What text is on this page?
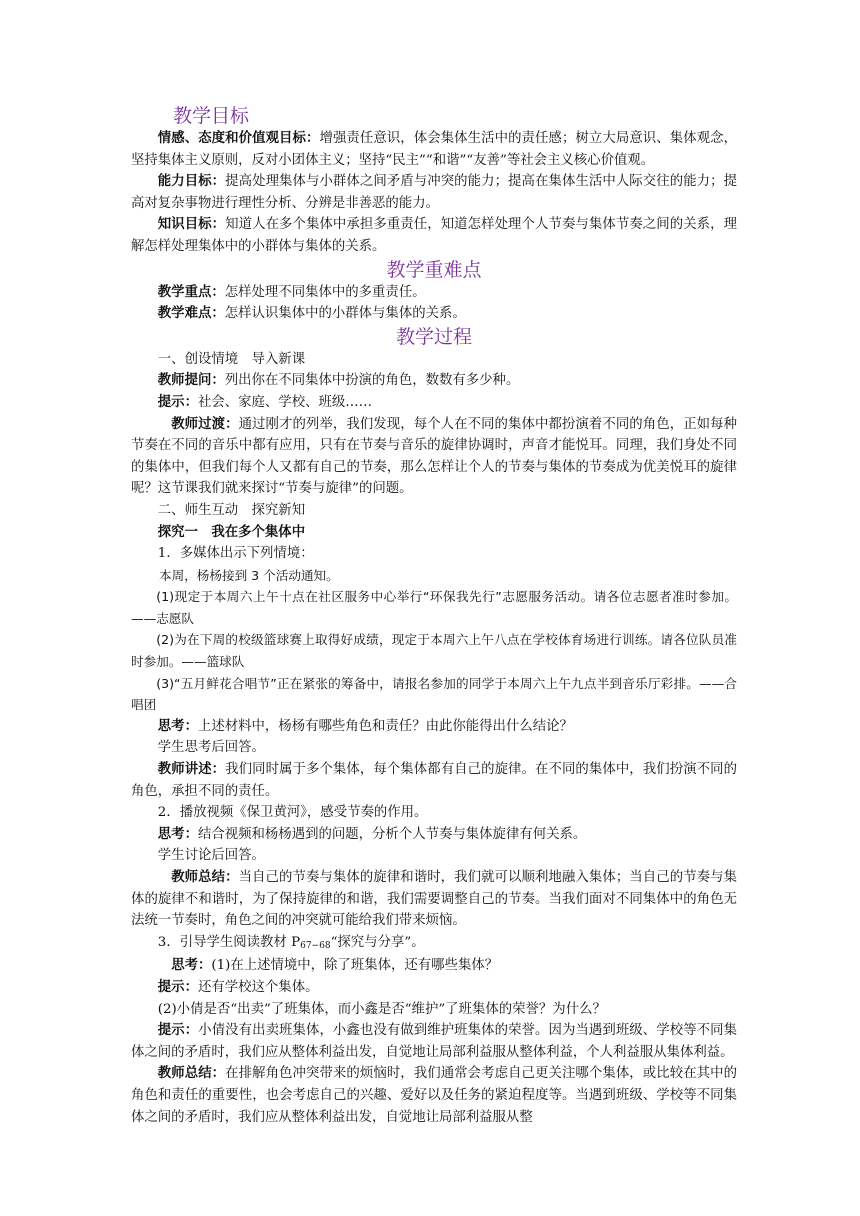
教学目标

情感、态度和价值观目标：增强责任意识，体会集体生活中的责任感；树立大局意识、集体观念，坚持集体主义原则，反对小团体主义；坚持“民主”“和谐”“友善”等社会主义核心价值观。

能力目标：提高处理集体与小群体之间矛盾与冲突的能力；提高在集体生活中人际交往的能力；提高对复杂事物进行理性分析、分辨是非善恶的能力。

知识目标：知道人在多个集体中承担多重责任，知道怎样处理个人节奏与集体节奏之间的关系，理解怎样处理集体中的小群体与集体的关系。

教学重难点

教学重点：怎样处理不同集体中的多重责任。

教学难点：怎样认识集体中的小群体与集体的关系。

教学过程

一、创设情境　导入新课

教师提问：列出你在不同集体中扮演的角色，数数有多少种。

提示：社会、家庭、学校、班级……

教师过渡：通过刚才的列举，我们发现，每个人在不同的集体中都扮演着不同的角色，正如每种节奏在不同的音乐中都有应用，只有在节奏与音乐的旋律协调时，声音才能悦耳。同理，我们身处不同的集体中，但我们每个人又都有自己的节奏，那么怎样让个人的节奏与集体的节奏成为优美悦耳的旋律呢？这节课我们就来探讨“节奏与旋律”的问题。

二、师生互动　探究新知

探究一　我在多个集体中

1．多媒体出示下列情境：

本周，杨杨接到 3 个活动通知。

(1)现定于本周六上午十点在社区服务中心举行“环保我先行”志愿服务活动。请各位志愿者准时参加。——志愿队

(2)为在下周的校级篮球赛上取得好成绩，现定于本周六上午八点在学校体育场进行训练。请各位队员准时参加。——篮球队

(3)“五月鲜花合唱节”正在紧张的筹备中，请报名参加的同学于本周六上午九点半到音乐厅彩排。——合唱团

思考：上述材料中，杨杨有哪些角色和责任？由此你能得出什么结论？

学生思考后回答。

教师讲述：我们同时属于多个集体，每个集体都有自己的旋律。在不同的集体中，我们扮演不同的角色，承担不同的责任。

2．播放视频《保卫黄河》，感受节奏的作用。

思考：结合视频和杨杨遇到的问题，分析个人节奏与集体旋律有何关系。

学生讨论后回答。

教师总结：当自己的节奏与集体的旋律和谐时，我们就可以顺利地融入集体；当自己的节奏与集体的旋律不和谐时，为了保持旋律的和谐，我们需要调整自己的节奏。当我们面对不同集体中的角色无法统一节奏时，角色之间的冲突就可能给我们带来烦恼。

3．引导学生阅读教材 $P_{67-68}“$探究与分享”。

思考：(1)在上述情境中，除了班集体，还有哪些集体？

提示：还有学校这个集体。

(2)小倩是否“出卖”了班集体，而小鑫是否“维护”了班集体的荣誉？为什么？

提示：小倩没有出卖班集体，小鑫也没有做到维护班集体的荣誉。因为当遇到班级、学校等不同集体之间的矛盾时，我们应从整体利益出发，自觉地让局部利益服从整体利益，个人利益服从集体利益。

教师总结：在排解角色冲突带来的烦恼时，我们通常会考虑自己更关注哪个集体，或比较在其中的角色和责任的重要性，也会考虑自己的兴趣、爱好以及任务的紧迫程度等。当遇到班级、学校等不同集体之间的矛盾时，我们应从整体利益出发，自觉地让局部利益服从整
